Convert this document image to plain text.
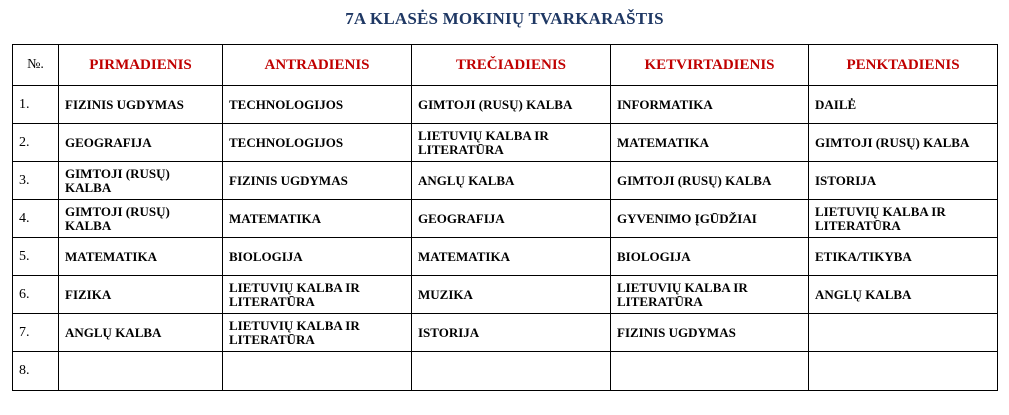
7A KLASĖS MOKINIŲ TVARKARAŠTIS
№.	PIRMADIENIS	ANTRADIENIS	TREČIADIENIS	KETVIRTADIENIS	PENKTADIENIS
1.	FIZINIS UGDYMAS	TECHNOLOGIJOS	GIMTOJI (RUSŲ) KALBA	INFORMATIKA	DAILĖ
2.	GEOGRAFIJA	TECHNOLOGIJOS	LIETUVIŲ KALBA IR LITERATŪRA	MATEMATIKA	GIMTOJI (RUSŲ) KALBA
3.	GIMTOJI (RUSŲ) KALBA	FIZINIS UGDYMAS	ANGLŲ KALBA	GIMTOJI (RUSŲ) KALBA	ISTORIJA
4.	GIMTOJI (RUSŲ) KALBA	MATEMATIKA	GEOGRAFIJA	GYVENIMO ĮGŪDŽIAI	LIETUVIŲ KALBA IR LITERATŪRA
5.	MATEMATIKA	BIOLOGIJA	MATEMATIKA	BIOLOGIJA	ETIKA/TIKYBA
6.	FIZIKA	LIETUVIŲ KALBA IR LITERATŪRA	MUZIKA	LIETUVIŲ KALBA IR LITERATŪRA	ANGLŲ KALBA
7.	ANGLŲ KALBA	LIETUVIŲ KALBA IR LITERATŪRA	ISTORIJA	FIZINIS UGDYMAS	
8.					
